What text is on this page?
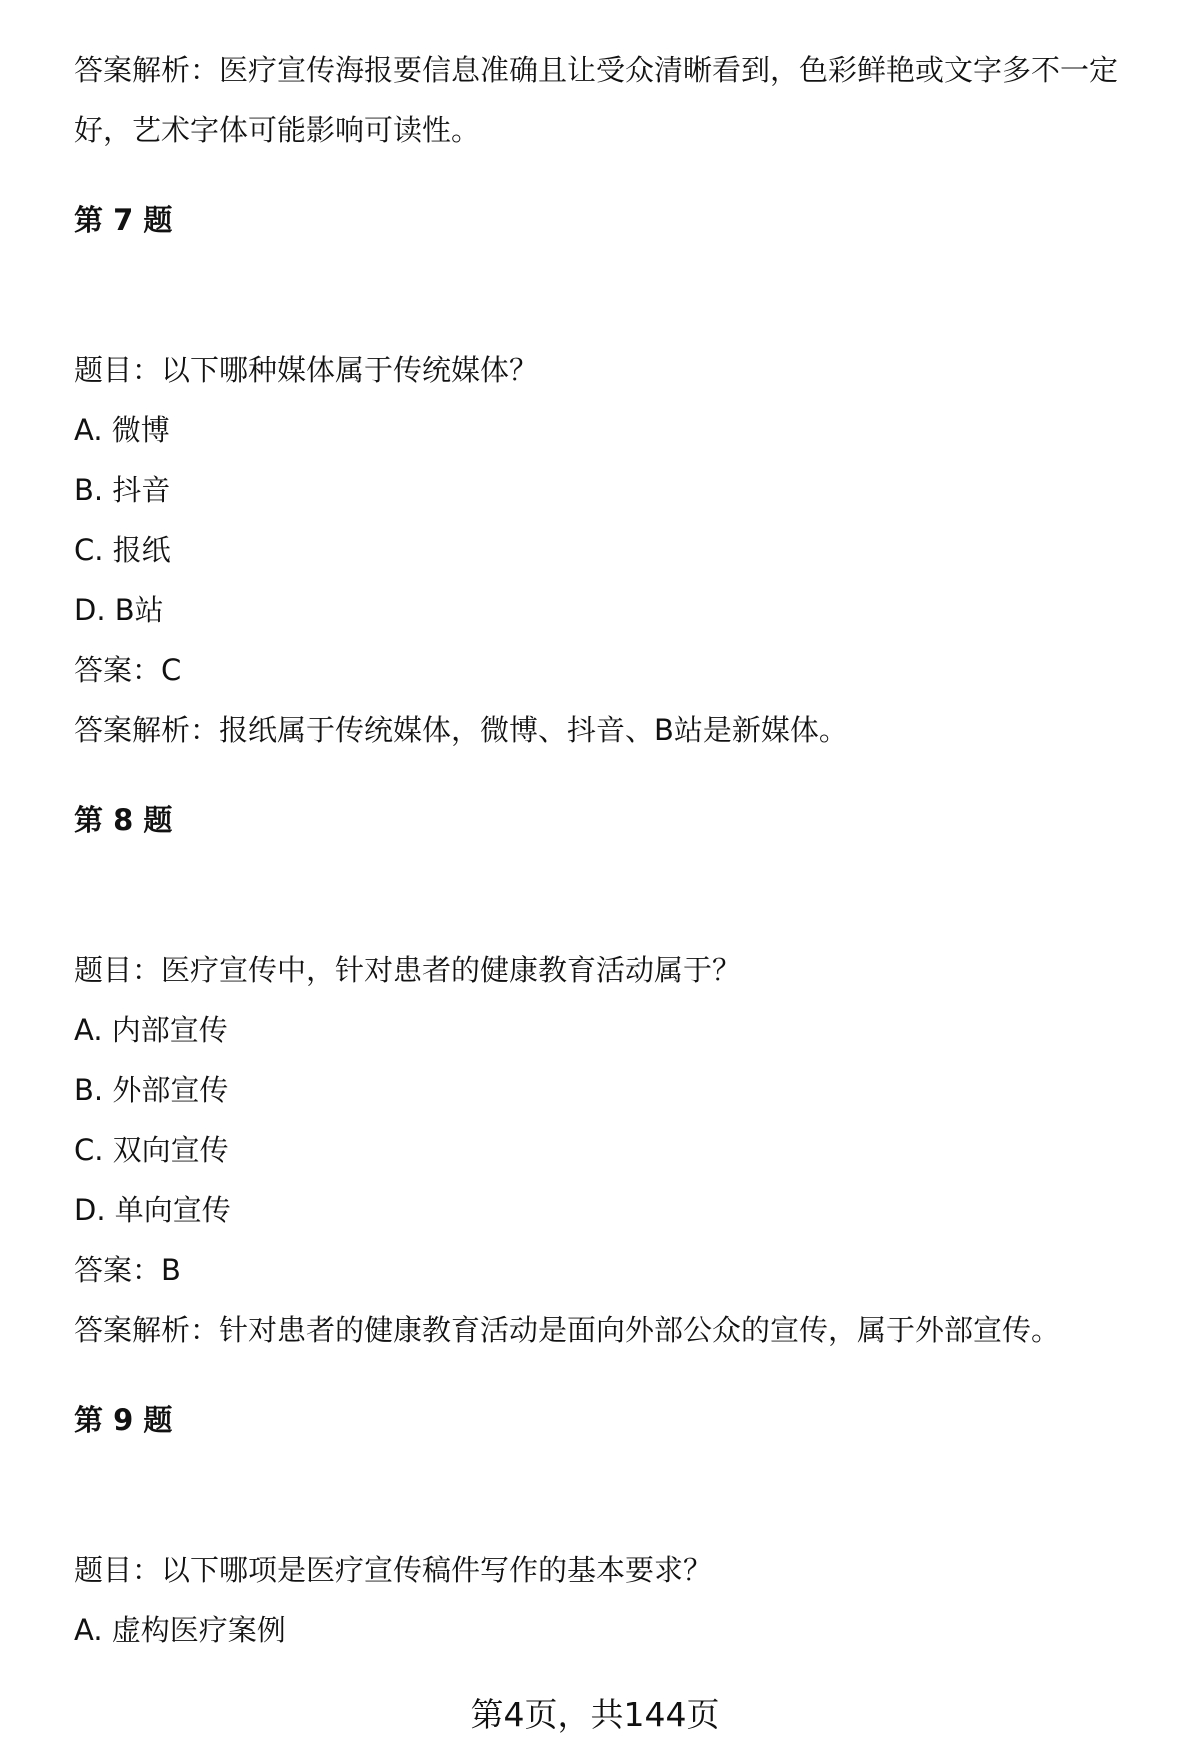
答案解析：医疗宣传海报要信息准确且让受众清晰看到，色彩鲜艳或文字多不一定

好，艺术字体可能影响可读性。

第 7 题

题目：以下哪种媒体属于传统媒体？

A. 微博

B. 抖音

C. 报纸

D. B站

答案：C

答案解析：报纸属于传统媒体，微博、抖音、B站是新媒体。

第 8 题

题目：医疗宣传中，针对患者的健康教育活动属于？

A. 内部宣传

B. 外部宣传

C. 双向宣传

D. 单向宣传

答案：B

答案解析：针对患者的健康教育活动是面向外部公众的宣传，属于外部宣传。

第 9 题

题目：以下哪项是医疗宣传稿件写作的基本要求？

A. 虚构医疗案例

第4页，共144页
